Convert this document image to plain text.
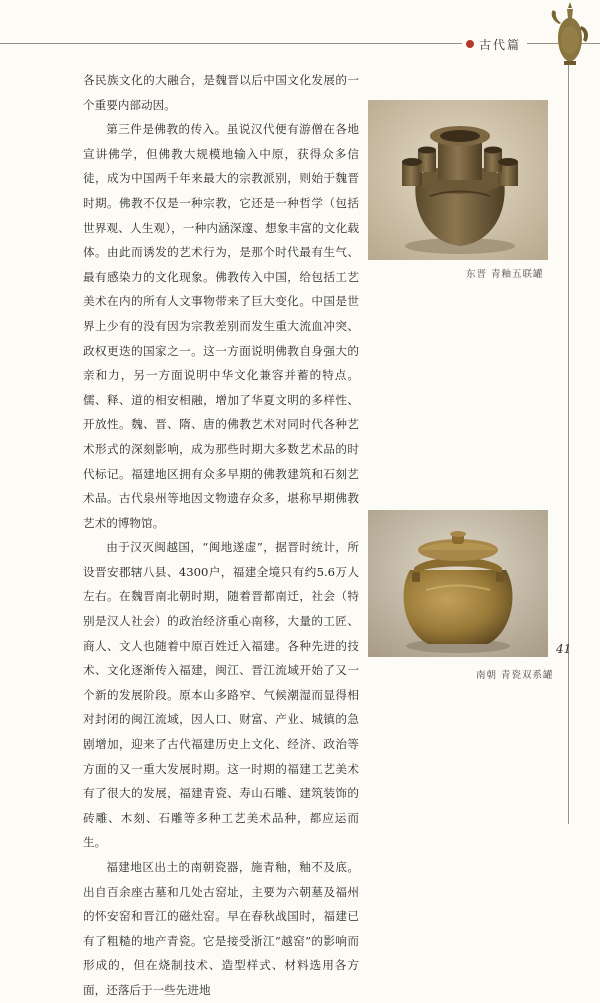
古代篇

各民族文化的大融合，是魏晋以后中国文化发展的一个重要内部动因。

第三件是佛教的传入。虽说汉代便有游僧在各地宣讲佛学，但佛教大规模地输入中原，获得众多信徒，成为中国两千年来最大的宗教派别，则始于魏晋时期。佛教不仅是一种宗教，它还是一种哲学（包括世界观、人生观），一种内涵深邃、想象丰富的文化载体。由此而诱发的艺术行为，是那个时代最有生气、最有感染力的文化现象。佛教传入中国，给包括工艺美术在内的所有人文事物带来了巨大变化。中国是世界上少有的没有因为宗教差别而发生重大流血冲突、政权更迭的国家之一。这一方面说明佛教自身强大的亲和力，另一方面说明中华文化兼容并蓄的特点。儒、释、道的相安相融，增加了华夏文明的多样性、开放性。魏、晋、隋、唐的佛教艺术对同时代各种艺术形式的深刻影响，成为那些时期大多数艺术品的时代标记。福建地区拥有众多早期的佛教建筑和石刻艺术品。古代泉州等地因文物遗存众多，堪称早期佛教艺术的博物馆。

由于汉灭闽越国，“闽地遂虚”，据晋时统计，所设晋安郡辖八县、4300户，福建全境只有约5.6万人左右。在魏晋南北朝时期，随着晋都南迁，社会（特别是汉人社会）的政治经济重心南移，大量的工匠、商人、文人也随着中原百姓迁入福建。各种先进的技术、文化逐渐传入福建，闽江、晋江流域开始了又一个新的发展阶段。原本山多路窄、气候潮湿而显得相对封闭的闽江流域，因人口、财富、产业、城镇的急剧增加，迎来了古代福建历史上文化、经济、政治等方面的又一重大发展时期。这一时期的福建工艺美术有了很大的发展，福建青瓷、寿山石雕、建筑装饰的砖雕、木刻、石雕等多种工艺美术品种，都应运而生。

福建地区出土的南朝瓷器，施青釉，釉不及底。出自百余座古墓和几处古窑址，主要为六朝墓及福州的怀安窑和晋江的磁灶窑。早在春秋战国时，福建已有了粗糙的地产青瓷。它是接受浙江“越窑”的影响而形成的，但在烧制技术、造型样式、材料选用各方面，还落后于一些先进地

东晋 青釉五联罐
南朝 青瓷双系罐
41
